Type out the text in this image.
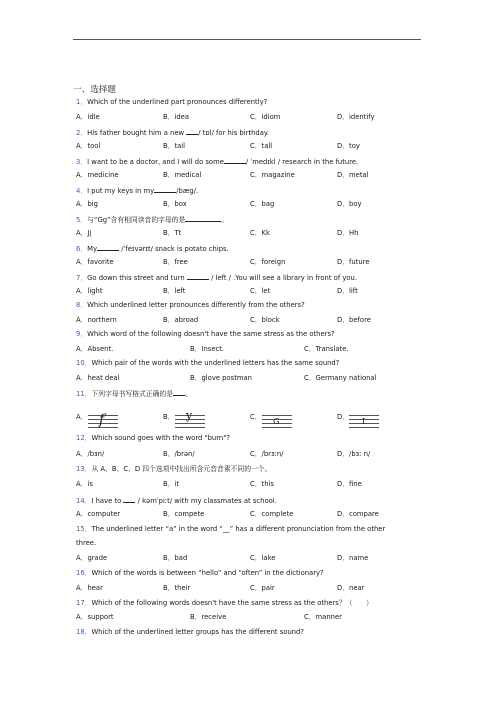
一、选择题
1．Which of the underlined part pronounces differently?
A．idle	B．idea	C．idiom	D．identify
2．His father bought him a new / tɒl/ for his birthday.
A．tool	B．tail	C．tall	D．toy
3．I want to be a doctor, and I will do some	/ ˈmedɪkl / research in the future.
A．medicine	B．medical	C．magazine	D．metal
4．I put my keys in my	/bæg/.
A．big	B．box	C．bag	D．boy
5．与“Gg”含有相同读音的字母的是	。
A．Jj	B．Tt	C．Kk	D．Hh
6．My	/ˈfeɪvərɪt/ snack is potato chips.
A．favorite	B．free	C．foreign	D．future
7．Go down this street and turn	/ left / .You will see a library in front of you.
A．light	B．left	C．let	D．lift
8．Which underlined letter pronounces differently from the others?
A．northern	B．abroad	C．block	D．before
9．Which word of the following doesn't have the same stress as the others?
A．Absent.	B．Insect.	C．Translate.
10．Which pair of the words with the underlined letters has the same sound?
A．heat deal	B．glove postman	C．Germany national
11．下列字母书写格式正确的是 。
A． f	B． y	C． G	D． I
12．Which sound goes with the word "burn"?
A．/bɜn/	B．/brən/	C．/brɜːn/	D．/bɜː n/
13．从 A、B、C、D 四个选项中找出所含元音音素不同的一个。
A．is	B．it	C．this	D．fine
14．I have to / kəmˈpiːt/ with my classmates at school.
A．computer	B．compete	C．complete	D．compare
15．The underlined letter “a” in the word “__” has a different pronunciation from the other
three.
A．grade	B．bad	C．lake	D．name
16．Which of the words is between “hello” and “often” in the dictionary?
A．hear	B．their	C．pair	D．near
17．Which of the following words doesn't have the same stress as the others？（　　）
A．support	B．receive	C．manner
18．Which of the underlined letter groups has the different sound?
